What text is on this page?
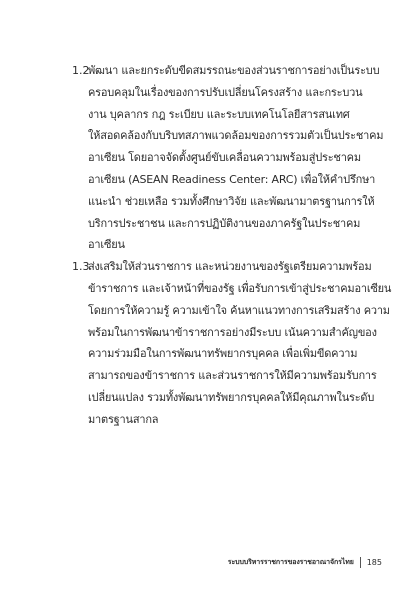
1.2
พัฒนา และยกระดับขีดสมรรถนะของส่วนราชการอย่างเป็นระบบ
ครอบคลุมในเรื่องของการปรับเปลี่ยนโครงสร้าง และกระบวน
งาน บุคลากร กฎ ระเบียบ และระบบเทคโนโลยีสารสนเทศ
ให้สอดคล้องกับบริบทสภาพแวดล้อมของการรวมตัวเป็นประชาคม
อาเซียน โดยอาจจัดตั้งศูนย์ขับเคลื่อนความพร้อมสู่ประชาคม
อาเซียน (ASEAN Readiness Center: ARC) เพื่อให้คำปรึกษา
แนะนำ ช่วยเหลือ รวมทั้งศึกษาวิจัย และพัฒนามาตรฐานการให้
บริการประชาชน และการปฏิบัติงานของภาครัฐในประชาคม
อาเซียน
1.3
ส่งเสริมให้ส่วนราชการ และหน่วยงานของรัฐเตรียมความพร้อม
ข้าราชการ และเจ้าหน้าที่ของรัฐ เพื่อรับการเข้าสู่ประชาคมอาเซียน
โดยการให้ความรู้ ความเข้าใจ ค้นหาแนวทางการเสริมสร้าง ความ
พร้อมในการพัฒนาข้าราชการอย่างมีระบบ เน้นความสำคัญของ
ความร่วมมือในการพัฒนาทรัพยากรบุคคล เพื่อเพิ่มขีดความ
สามารถของข้าราชการ และส่วนราชการให้มีความพร้อมรับการ
เปลี่ยนแปลง รวมทั้งพัฒนาทรัพยากรบุคคลให้มีคุณภาพในระดับ
มาตรฐานสากล
ระบบบริหารราชการของราชอาณาจักรไทย 185
